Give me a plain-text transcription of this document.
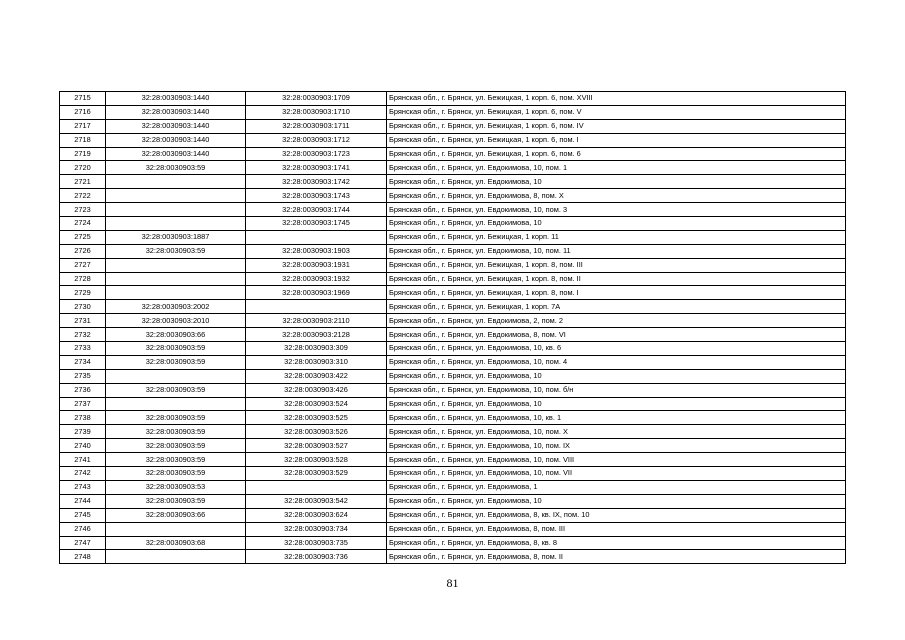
2715	32:28:0030903:1440	32:28:0030903:1709	Брянская обл., г. Брянск, ул. Бежицкая, 1 корп. 6, пом. XVIII
2716	32:28:0030903:1440	32:28:0030903:1710	Брянская обл., г. Брянск, ул. Бежицкая, 1 корп. 6, пом. V
2717	32:28:0030903:1440	32:28:0030903:1711	Брянская обл., г. Брянск, ул. Бежицкая, 1 корп. 6, пом. IV
2718	32:28:0030903:1440	32:28:0030903:1712	Брянская обл., г. Брянск, ул. Бежицкая, 1 корп. 6, пом. I
2719	32:28:0030903:1440	32:28:0030903:1723	Брянская обл., г. Брянск, ул. Бежицкая, 1 корп. 6, пом. 6
2720	32:28:0030903:59	32:28:0030903:1741	Брянская обл., г. Брянск, ул. Евдокимова, 10, пом. 1
2721		32:28:0030903:1742	Брянская обл., г. Брянск, ул. Евдокимова, 10
2722		32:28:0030903:1743	Брянская обл., г. Брянск, ул. Евдокимова, 8, пом. X
2723		32:28:0030903:1744	Брянская обл., г. Брянск, ул. Евдокимова, 10, пом. 3
2724		32:28:0030903:1745	Брянская обл., г. Брянск, ул. Евдокимова, 10
2725	32:28:0030903:1887		Брянская обл., г. Брянск, ул. Бежицкая, 1 корп. 11
2726	32:28:0030903:59	32:28:0030903:1903	Брянская обл., г. Брянск, ул. Евдокимова, 10, пом. 11
2727		32:28:0030903:1931	Брянская обл., г. Брянск, ул. Бежицкая, 1 корп. 8, пом. III
2728		32:28:0030903:1932	Брянская обл., г. Брянск, ул. Бежицкая, 1 корп. 8, пом. II
2729		32:28:0030903:1969	Брянская обл., г. Брянск, ул. Бежицкая, 1 корп. 8, пом. I
2730	32:28:0030903:2002		Брянская обл., г. Брянск, ул. Бежицкая, 1 корп. 7А
2731	32:28:0030903:2010	32:28:0030903:2110	Брянская обл., г. Брянск, ул. Евдокимова, 2, пом. 2
2732	32:28:0030903:66	32:28:0030903:2128	Брянская обл., г. Брянск, ул. Евдокимова, 8, пом. VI
2733	32:28:0030903:59	32:28:0030903:309	Брянская обл., г. Брянск, ул. Евдокимова, 10, кв. 6
2734	32:28:0030903:59	32:28:0030903:310	Брянская обл., г. Брянск, ул. Евдокимова, 10, пом. 4
2735		32:28:0030903:422	Брянская обл., г. Брянск, ул. Евдокимова, 10
2736	32:28:0030903:59	32:28:0030903:426	Брянская обл., г. Брянск, ул. Евдокимова, 10, пом. б/н
2737		32:28:0030903:524	Брянская обл., г. Брянск, ул. Евдокимова, 10
2738	32:28:0030903:59	32:28:0030903:525	Брянская обл., г. Брянск, ул. Евдокимова, 10, кв. 1
2739	32:28:0030903:59	32:28:0030903:526	Брянская обл., г. Брянск, ул. Евдокимова, 10, пом. X
2740	32:28:0030903:59	32:28:0030903:527	Брянская обл., г. Брянск, ул. Евдокимова, 10, пом. IX
2741	32:28:0030903:59	32:28:0030903:528	Брянская обл., г. Брянск, ул. Евдокимова, 10, пом. VIII
2742	32:28:0030903:59	32:28:0030903:529	Брянская обл., г. Брянск, ул. Евдокимова, 10, пом. VII
2743	32:28:0030903:53		Брянская обл., г. Брянск, ул. Евдокимова, 1
2744	32:28:0030903:59	32:28:0030903:542	Брянская обл., г. Брянск, ул. Евдокимова, 10
2745	32:28:0030903:66	32:28:0030903:624	Брянская обл., г. Брянск, ул. Евдокимова, 8, кв. IX, пом. 10
2746		32:28:0030903:734	Брянская обл., г. Брянск, ул. Евдокимова, 8, пом. III
2747	32:28:0030903:68	32:28:0030903:735	Брянская обл., г. Брянск, ул. Евдокимова, 8, кв. 8
2748		32:28:0030903:736	Брянская обл., г. Брянск, ул. Евдокимова, 8, пом. II
81
